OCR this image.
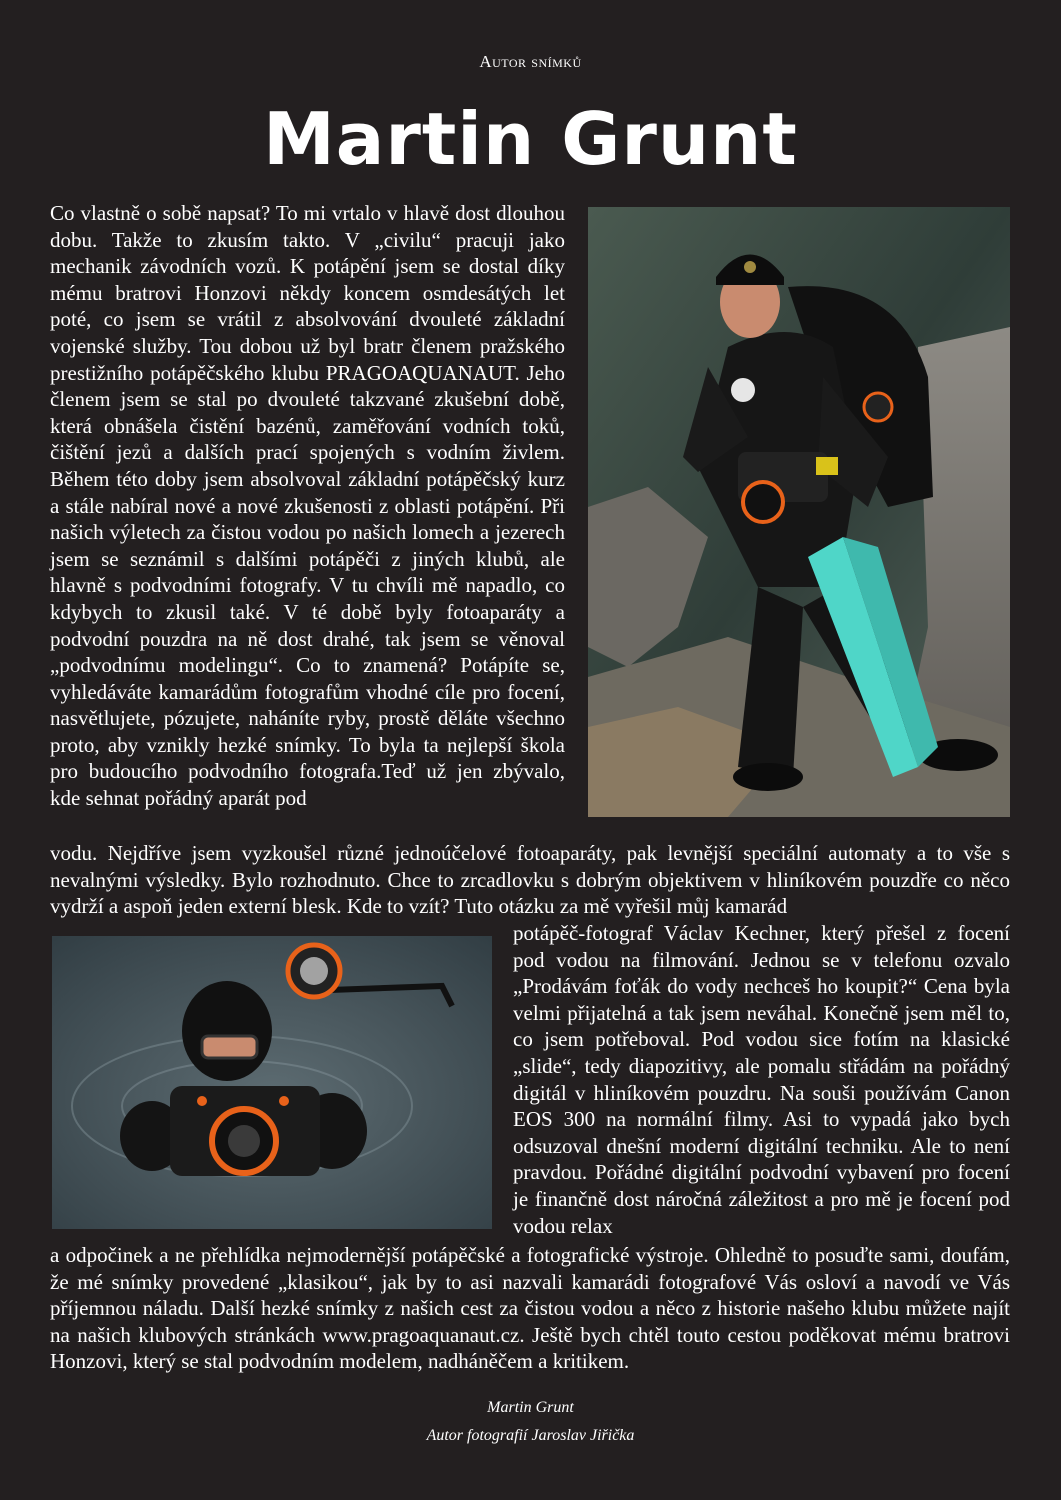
Autor snímků
Martin Grunt

Co vlastně o sobě napsat? To mi vrtalo v hlavě dost dlouhou dobu. Takže to zkusím takto. V „civilu“ pracuji jako mechanik závodních vozů. K potápění jsem se dostal díky mému bratrovi Honzovi někdy koncem osmdesátých let poté, co jsem se vrátil z absolvování dvouleté základní vojenské služby. Tou dobou už byl bratr členem pražského prestižního potápěčského klubu PRAGOAQUANAUT. Jeho členem jsem se stal po dvouleté takzvané zkušební době, která obnášela čistění bazénů, zaměřování vodních toků, čištění jezů a dalších prací spojených s vodním živlem. Během této doby jsem absolvoval základní potápěčský kurz a stále nabíral nové a nové zkušenosti z oblasti potápění. Při našich výletech za čistou vodou po našich lomech a jezerech jsem se seznámil s dalšími potápěči z jiných klubů, ale hlavně s podvodními fotografy. V tu chvíli mě napadlo, co kdybych to zkusil také. V té době byly fotoaparáty a podvodní pouzdra na ně dost drahé, tak jsem se věnoval „podvodnímu modelingu“. Co to znamená? Potápíte se, vyhledáváte kamarádům fotografům vhodné cíle pro focení, nasvětlujete, pózujete, naháníte ryby, prostě děláte všechno proto, aby vznikly hezké snímky. To byla ta nejlepší škola pro budoucího podvodního fotografa.Teď už jen zbývalo, kde sehnat pořádný aparát pod

vodu. Nejdříve jsem vyzkoušel různé jednoúčelové fotoaparáty, pak levnější speciální automaty a to vše s nevalnými výsledky. Bylo rozhodnuto. Chce to zrcadlovku s dobrým objektivem v hliníkovém pouzdře co něco vydrží a aspoň jeden externí blesk. Kde to vzít? Tuto otázku za mě vyřešil můj kamarád

potápěč-fotograf Václav Kechner, který přešel z focení pod vodou na filmování. Jednou se v telefonu ozvalo „Prodávám foťák do vody nechceš ho koupit?“ Cena byla velmi přijatelná a tak jsem neváhal. Konečně jsem měl to, co jsem potřeboval. Pod vodou sice fotím na klasické „slide“, tedy diapozitivy, ale pomalu střádám na pořádný digitál v hliníkovém pouzdru. Na souši používám Canon EOS 300 na normální filmy. Asi to vypadá jako bych odsuzoval dnešní moderní digitální techniku. Ale to není pravdou. Pořádné digitální podvodní vybavení pro focení je finančně dost náročná záležitost a pro mě je focení pod vodou relax

a odpočinek a ne přehlídka nejmodernější potápěčské a fotografické výstroje. Ohledně to posuďte sami, doufám, že mé snímky provedené „klasikou“, jak by to asi nazvali kamarádi fotografové Vás osloví a navodí ve Vás příjemnou náladu. Další hezké snímky z našich cest za čistou vodou a něco z historie našeho klubu můžete najít na našich klubových stránkách www.pragoaquanaut.cz. Ještě bych chtěl touto cestou poděkovat mému bratrovi Honzovi, který se stal podvodním modelem, nadháněčem a kritikem.

Martin Grunt
Autor fotografií Jaroslav Jiřička
